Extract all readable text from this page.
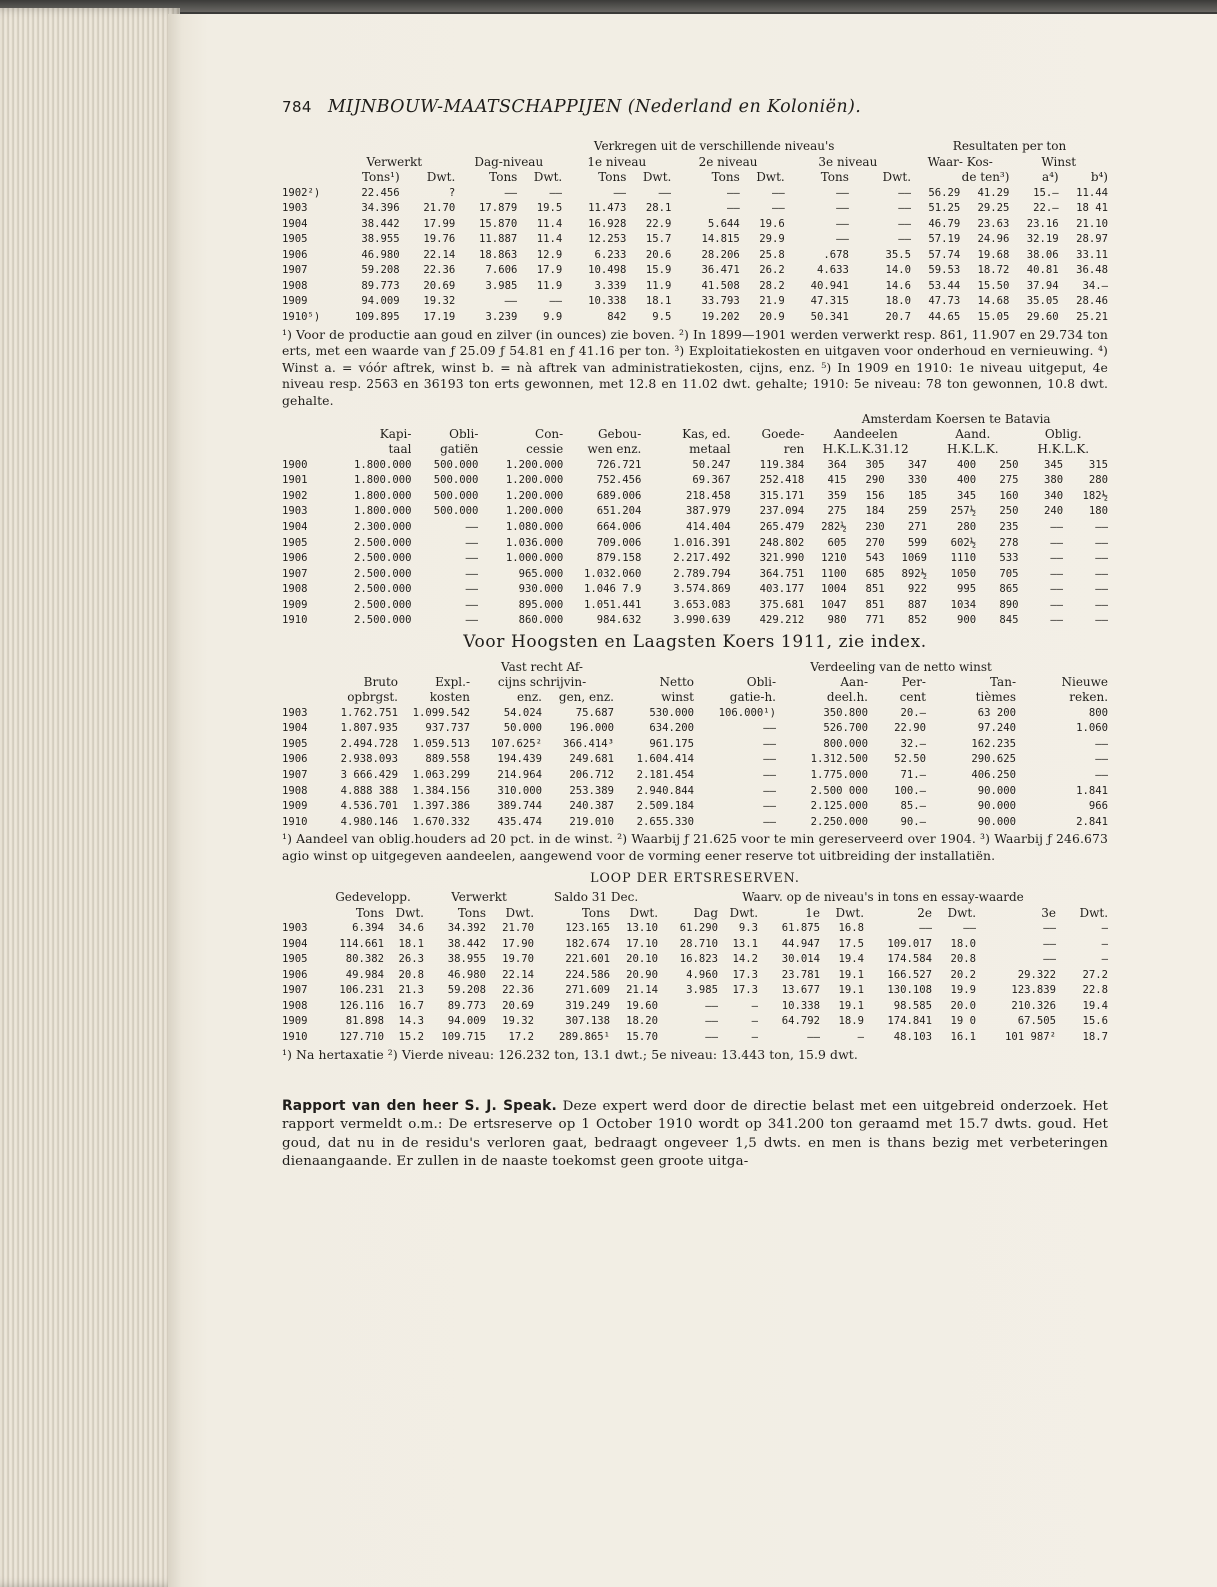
784 MIJNBOUW-MAATSCHAPPIJEN (Nederland en Koloniën).
				Verkregen uit de verschillende niveau's							Resultaten per ton			
	Verwerkt		Dag-niveau		1e niveau		2e niveau		3e niveau		Waar- Kos-		Winst	
	Tons¹)	Dwt.	Tons	Dwt.	Tons	Dwt.	Tons	Dwt.	Tons	Dwt.	de ten³)		a⁴)	b⁴)
1902²)	22.456	?	——	——	——	——	——	——	——	——	56.29	41.29	15.—	11.44
1903	34.396	21.70	17.879	19.5	11.473	28.1	——	——	——	——	51.25	29.25	22.—	18 41
1904	38.442	17.99	15.870	11.4	16.928	22.9	5.644	19.6	——	——	46.79	23.63	23.16	21.10
1905	38.955	19.76	11.887	11.4	12.253	15.7	14.815	29.9	——	——	57.19	24.96	32.19	28.97
1906	46.980	22.14	18.863	12.9	6.233	20.6	28.206	25.8	.678	35.5	57.74	19.68	38.06	33.11
1907	59.208	22.36	7.606	17.9	10.498	15.9	36.471	26.2	4.633	14.0	59.53	18.72	40.81	36.48
1908	89.773	20.69	3.985	11.9	3.339	11.9	41.508	28.2	40.941	14.6	53.44	15.50	37.94	34.—
1909	94.009	19.32	——	——	10.338	18.1	33.793	21.9	47.315	18.0	47.73	14.68	35.05	28.46
1910⁵)	109.895	17.19	3.239	9.9	842	9.5	19.202	20.9	50.341	20.7	44.65	15.05	29.60	25.21

¹) Voor de productie aan goud en zilver (in ounces) zie boven. ²) In 1899—1901 werden verwerkt resp. 861, 11.907 en 29.734 ton erts, met een waarde van ƒ 25.09 ƒ 54.81 en ƒ 41.16 per ton. ³) Exploitatiekosten en uitgaven voor onderhoud en vernieuwing. ⁴) Winst a. = vóór aftrek, winst b. = nà aftrek van administratiekosten, cijns, enz. ⁵) In 1909 en 1910: 1e niveau uitgeput, 4e niveau resp. 2563 en 36193 ton erts gewonnen, met 12.8 en 11.02 dwt. gehalte; 1910: 5e niveau: 78 ton gewonnen, 10.8 dwt. gehalte.

							Amsterdam Koersen te Batavia						
	Kapi-	Obli-	Con-	Gebou-	Kas, ed.	Goede-	Aandeelen			Aand.		Oblig.	
	taal	gatiën	cessie	wen enz.	metaal	ren	H.K.L.K.31.12			H.K.L.K.		H.K.L.K.	
1900	1.800.000	500.000	1.200.000	726.721	50.247	119.384	364	305	347	400	250	345	315
1901	1.800.000	500.000	1.200.000	752.456	69.367	252.418	415	290	330	400	275	380	280
1902	1.800.000	500.000	1.200.000	689.006	218.458	315.171	359	156	185	345	160	340	182½
1903	1.800.000	500.000	1.200.000	651.204	387.979	237.094	275	184	259	257½	250	240	180
1904	2.300.000	——	1.080.000	664.006	414.404	265.479	282½	230	271	280	235	——	——
1905	2.500.000	——	1.036.000	709.006	1.016.391	248.802	605	270	599	602½	278	——	——
1906	2.500.000	——	1.000.000	879.158	2.217.492	321.990	1210	543	1069	1110	533	——	——
1907	2.500.000	——	965.000	1.032.060	2.789.794	364.751	1100	685	892½	1050	705	——	——
1908	2.500.000	——	930.000	1.046 7.9	3.574.869	403.177	1004	851	922	995	865	——	——
1909	2.500.000	——	895.000	1.051.441	3.653.083	375.681	1047	851	887	1034	890	——	——
1910	2.500.000	——	860.000	984.632	3.990.639	429.212	980	771	852	900	845	——	——
Voor Hoogsten en Laagsten Koers 1911, zie index.
			Vast recht Af-			Verdeeling van de netto winst				
	Bruto	Expl.-	cijns schrijvin-		Netto	Obli-	Aan-	Per-	Tan-	Nieuwe
	opbrgst.	kosten	enz.	gen, enz.	winst	gatie-h.	deel.h.	cent	tièmes	reken.
1903	1.762.751	1.099.542	54.024	75.687	530.000	106.000¹)	350.800	20.—	63 200	800
1904	1.807.935	937.737	50.000	196.000	634.200	——	526.700	22.90	97.240	1.060
1905	2.494.728	1.059.513	107.625²	366.414³	961.175	——	800.000	32.—	162.235	——
1906	2.938.093	889.558	194.439	249.681	1.604.414	——	1.312.500	52.50	290.625	——
1907	3 666.429	1.063.299	214.964	206.712	2.181.454	——	1.775.000	71.—	406.250	——
1908	4.888 388	1.384.156	310.000	253.389	2.940.844	——	2.500 000	100.—	90.000	1.841
1909	4.536.701	1.397.386	389.744	240.387	2.509.184	——	2.125.000	85.—	90.000	966
1910	4.980.146	1.670.332	435.474	219.010	2.655.330	——	2.250.000	90.—	90.000	2.841

¹) Aandeel van oblig.houders ad 20 pct. in de winst. ²) Waarbij ƒ 21.625 voor te min gereserveerd over 1904. ³) Waarbij ƒ 246.673 agio winst op uitgegeven aandeelen, aangewend voor de vorming eener reserve tot uitbreiding der installatiën.

LOOP DER ERTSRESERVEN.
	Gedevelopp.		Verwerkt		Saldo 31 Dec.		Waarv. op de niveau's in tons en essay-waarde							
	Tons	Dwt.	Tons	Dwt.	Tons	Dwt.	Dag	Dwt.	1e	Dwt.	2e	Dwt.	3e	Dwt.
1903	6.394	34.6	34.392	21.70	123.165	13.10	61.290	9.3	61.875	16.8	——	——	——	—
1904	114.661	18.1	38.442	17.90	182.674	17.10	28.710	13.1	44.947	17.5	109.017	18.0	——	—
1905	80.382	26.3	38.955	19.70	221.601	20.10	16.823	14.2	30.014	19.4	174.584	20.8	——	—
1906	49.984	20.8	46.980	22.14	224.586	20.90	4.960	17.3	23.781	19.1	166.527	20.2	29.322	27.2
1907	106.231	21.3	59.208	22.36	271.609	21.14	3.985	17.3	13.677	19.1	130.108	19.9	123.839	22.8
1908	126.116	16.7	89.773	20.69	319.249	19.60	——	—	10.338	19.1	98.585	20.0	210.326	19.4
1909	81.898	14.3	94.009	19.32	307.138	18.20	——	—	64.792	18.9	174.841	19 0	67.505	15.6
1910	127.710	15.2	109.715	17.2	289.865¹	15.70	——	—	——	—	48.103	16.1	101 987²	18.7

¹) Na hertaxatie ²) Vierde niveau: 126.232 ton, 13.1 dwt.; 5e niveau: 13.443 ton, 15.9 dwt.

Rapport van den heer S. J. Speak. Deze expert werd door de directie belast met een uitgebreid onderzoek. Het rapport vermeldt o.m.: De ertsreserve op 1 October 1910 wordt op 341.200 ton geraamd met 15.7 dwts. goud. Het goud, dat nu in de residu's verloren gaat, bedraagt ongeveer 1,5 dwts. en men is thans bezig met verbeteringen dienaangaande. Er zullen in de naaste toekomst geen groote uitga-
